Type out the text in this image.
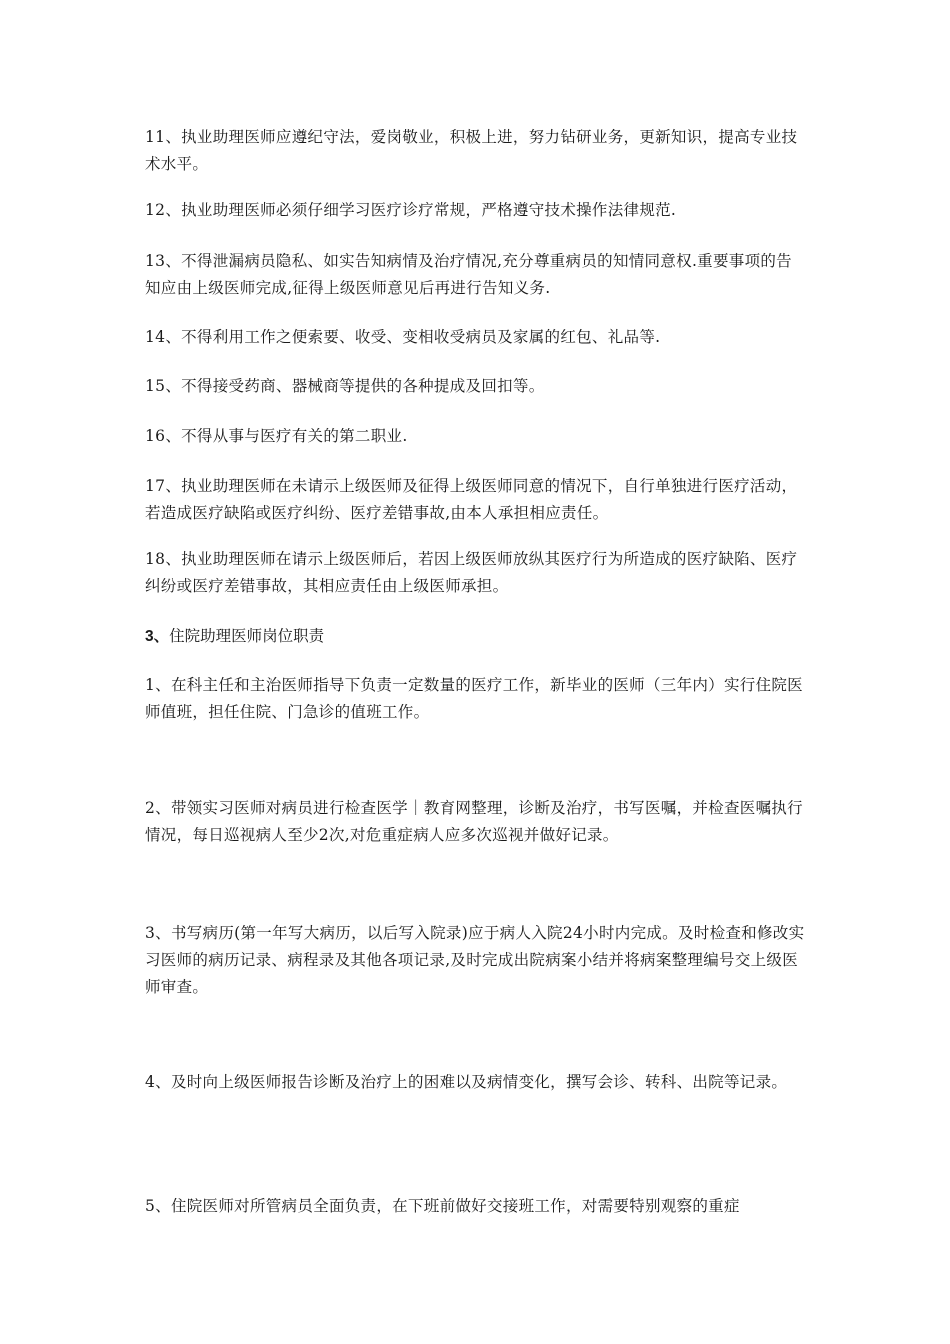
11、执业助理医师应遵纪守法，爱岗敬业，积极上进，努力钻研业务，更新知识，提高专业技术水平。

12、执业助理医师必须仔细学习医疗诊疗常规，严格遵守技术操作法律规范.

13、不得泄漏病员隐私、如实告知病情及治疗情况,充分尊重病员的知情同意权.重要事项的告知应由上级医师完成,征得上级医师意见后再进行告知义务.

14、不得利用工作之便索要、收受、变相收受病员及家属的红包、礼品等.

15、不得接受药商、器械商等提供的各种提成及回扣等。

16、不得从事与医疗有关的第二职业.

17、执业助理医师在未请示上级医师及征得上级医师同意的情况下，自行单独进行医疗活动，若造成医疗缺陷或医疗纠纷、医疗差错事故,由本人承担相应责任。

18、执业助理医师在请示上级医师后，若因上级医师放纵其医疗行为所造成的医疗缺陷、医疗纠纷或医疗差错事故，其相应责任由上级医师承担。

3、住院助理医师岗位职责

1、在科主任和主治医师指导下负责一定数量的医疗工作，新毕业的医师（三年内）实行住院医师值班，担任住院、门急诊的值班工作。

2、带领实习医师对病员进行检查医学｜教育网整理，诊断及治疗，书写医嘱，并检查医嘱执行情况，每日巡视病人至少2次,对危重症病人应多次巡视并做好记录。

3、书写病历(第一年写大病历，以后写入院录)应于病人入院24小时内完成。及时检查和修改实习医师的病历记录、病程录及其他各项记录,及时完成出院病案小结并将病案整理编号交上级医师审查。

4、及时向上级医师报告诊断及治疗上的困难以及病情变化，撰写会诊、转科、出院等记录。

5、住院医师对所管病员全面负责，在下班前做好交接班工作，对需要特别观察的重症
